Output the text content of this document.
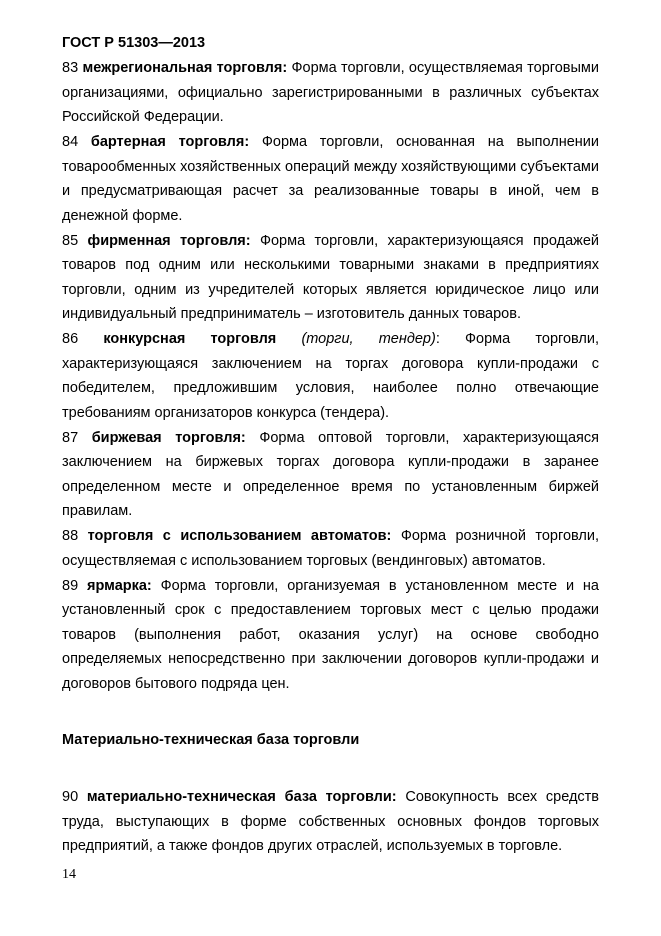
ГОСТ Р 51303—2013

83 межрегиональная торговля: Форма торговли, осуществляемая торговыми организациями, официально зарегистрированными в различных субъектах Российской Федерации.

84 бартерная торговля: Форма торговли, основанная на выполнении товарообменных хозяйственных операций между хозяйствующими субъектами и предусматривающая расчет за реализованные товары в иной, чем в денежной форме.

85 фирменная торговля: Форма торговли, характеризующаяся продажей товаров под одним или несколькими товарными знаками в предприятиях торговли, одним из учредителей которых является юридическое лицо или индивидуальный предприниматель – изготовитель данных товаров.

86 конкурсная торговля (торги, тендер): Форма торговли, характеризующаяся заключением на торгах договора купли-продажи с победителем, предложившим условия, наиболее полно отвечающие требованиям организаторов конкурса (тендера).

87 биржевая торговля: Форма оптовой торговли, характеризующаяся заключением на биржевых торгах договора купли-продажи в заранее определенном месте и определенное время по установленным биржей правилам.

88 торговля с использованием автоматов: Форма розничной торговли, осуществляемая с использованием торговых (вендинговых) автоматов.

89 ярмарка: Форма торговли, организуемая в установленном месте и на установленный срок с предоставлением торговых мест с целью продажи товаров (выполнения работ, оказания услуг) на основе свободно определяемых непосредственно при заключении договоров купли-продажи и договоров бытового подряда цен.

Материально-техническая база торговли

90 материально-техническая база торговли: Совокупность всех средств труда, выступающих в форме собственных основных фондов торговых предприятий, а также фондов других отраслей, используемых в торговле.

14
